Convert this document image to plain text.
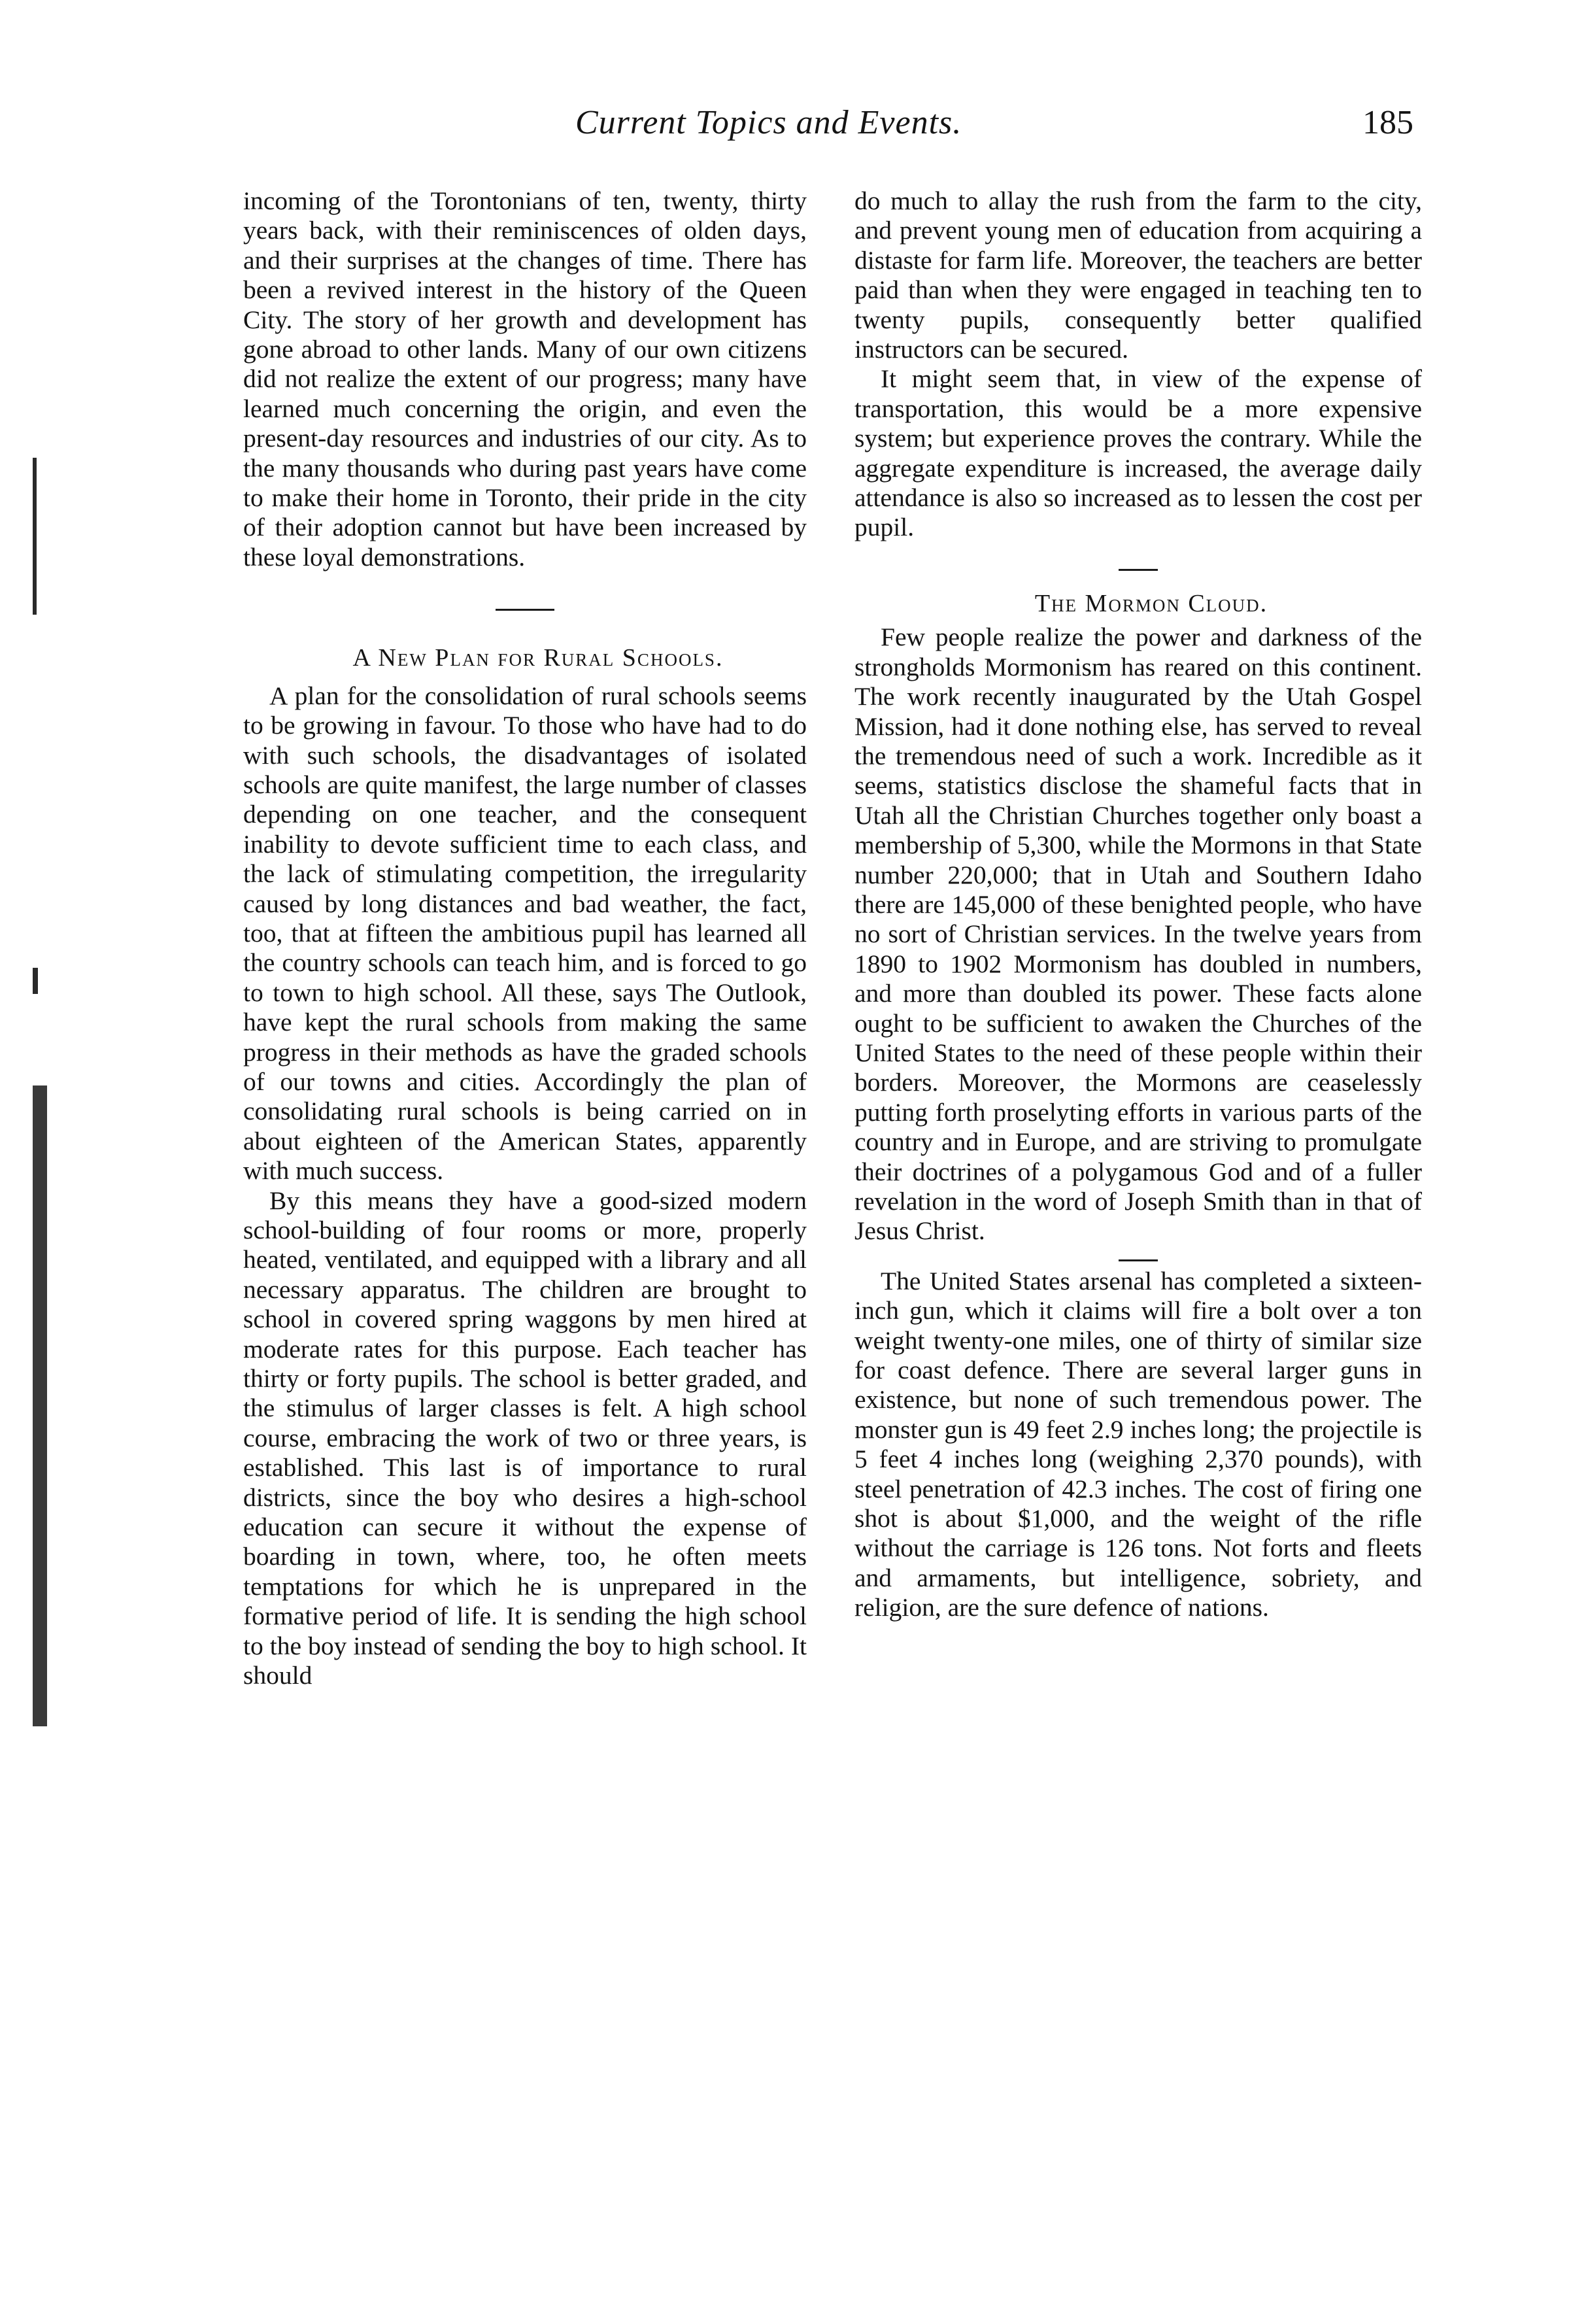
Current Topics and Events.	185

incoming of the Torontonians of ten, twenty, thirty years back, with their reminiscences of olden days, and their surprises at the changes of time. There has been a revived interest in the history of the Queen City. The story of her growth and development has gone abroad to other lands. Many of our own citizens did not realize the extent of our progress; many have learned much concerning the origin, and even the present-day resources and industries of our city. As to the many thousands who during past years have come to make their home in Toronto, their pride in the city of their adoption cannot but have been increased by these loyal demonstrations.

A New Plan for Rural Schools.

A plan for the consolidation of rural schools seems to be growing in favour. To those who have had to do with such schools, the disadvantages of isolated schools are quite manifest, the large number of classes depending on one teacher, and the consequent inability to devote sufficient time to each class, and the lack of stimulating competition, the irregularity caused by long distances and bad weather, the fact, too, that at fifteen the ambitious pupil has learned all the country schools can teach him, and is forced to go to town to high school. All these, says The Outlook, have kept the rural schools from making the same progress in their methods as have the graded schools of our towns and cities. Accordingly the plan of consolidating rural schools is being carried on in about eighteen of the American States, apparently with much success.

By this means they have a good-sized modern school-building of four rooms or more, properly heated, ventilated, and equipped with a library and all necessary apparatus. The children are brought to school in covered spring waggons by men hired at moderate rates for this purpose. Each teacher has thirty or forty pupils. The school is better graded, and the stimulus of larger classes is felt. A high school course, embracing the work of two or three years, is established. This last is of importance to rural districts, since the boy who desires a high-school education can secure it without the expense of boarding in town, where, too, he often meets temptations for which he is unprepared in the formative period of life. It is sending the high school to the boy instead of sending the boy to high school. It should

do much to allay the rush from the farm to the city, and prevent young men of education from acquiring a distaste for farm life. Moreover, the teachers are better paid than when they were engaged in teaching ten to twenty pupils, consequently better qualified instructors can be secured.

It might seem that, in view of the expense of transportation, this would be a more expensive system; but experience proves the contrary. While the aggregate expenditure is increased, the average daily attendance is also so increased as to lessen the cost per pupil.

The Mormon Cloud.

Few people realize the power and darkness of the strongholds Mormonism has reared on this continent. The work recently inaugurated by the Utah Gospel Mission, had it done nothing else, has served to reveal the tremendous need of such a work. Incredible as it seems, statistics disclose the shameful facts that in Utah all the Christian Churches together only boast a membership of 5,300, while the Mormons in that State number 220,000; that in Utah and Southern Idaho there are 145,000 of these benighted people, who have no sort of Christian services. In the twelve years from 1890 to 1902 Mormonism has doubled in numbers, and more than doubled its power. These facts alone ought to be sufficient to awaken the Churches of the United States to the need of these people within their borders. Moreover, the Mormons are ceaselessly putting forth proselyting efforts in various parts of the country and in Europe, and are striving to promulgate their doctrines of a polygamous God and of a fuller revelation in the word of Joseph Smith than in that of Jesus Christ.

The United States arsenal has completed a sixteen-inch gun, which it claims will fire a bolt over a ton weight twenty-one miles, one of thirty of similar size for coast defence. There are several larger guns in existence, but none of such tremendous power. The monster gun is 49 feet 2.9 inches long; the projectile is 5 feet 4 inches long (weighing 2,370 pounds), with steel penetration of 42.3 inches. The cost of firing one shot is about $1,000, and the weight of the rifle without the carriage is 126 tons. Not forts and fleets and armaments, but intelligence, sobriety, and religion, are the sure defence of nations.
